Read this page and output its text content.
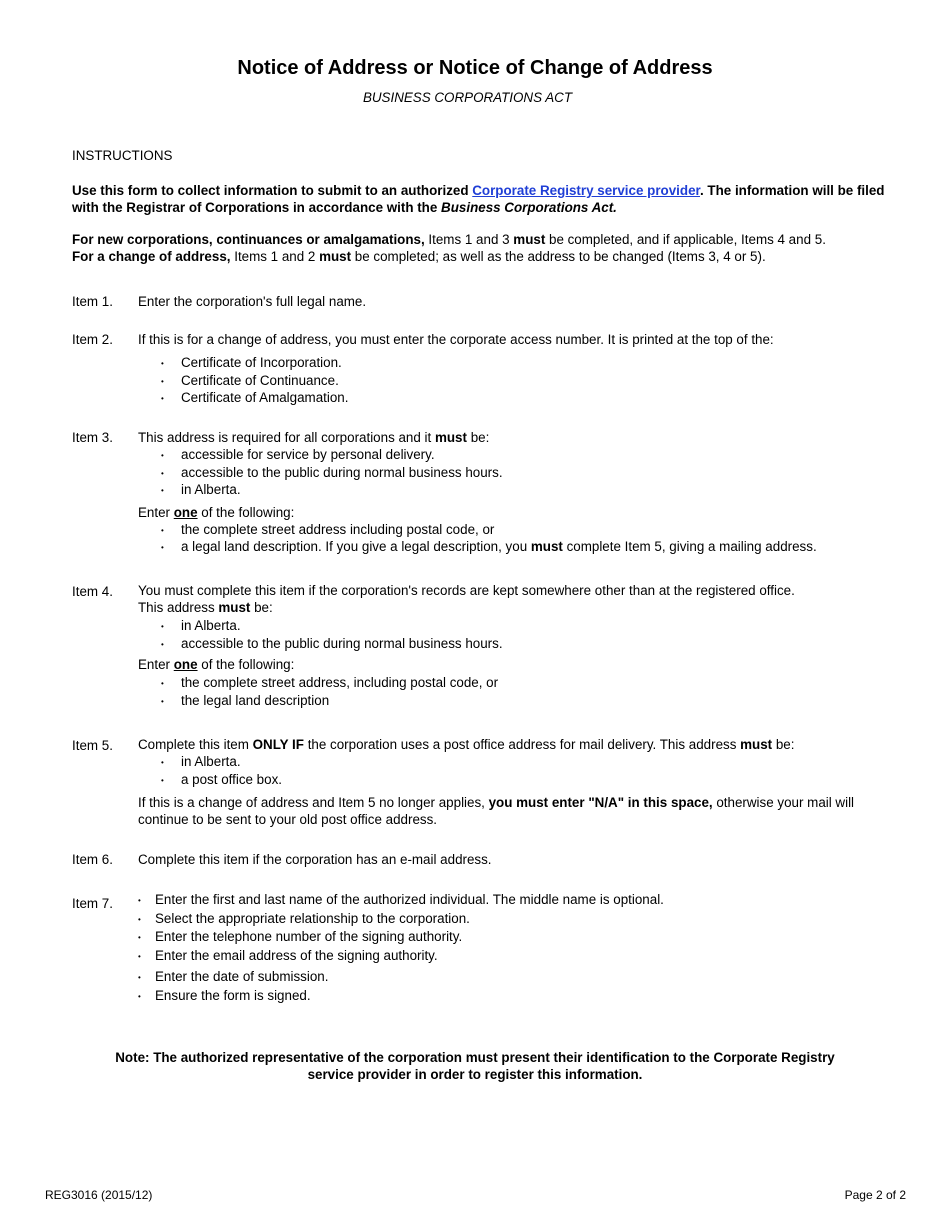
Notice of Address or Notice of Change of Address
BUSINESS CORPORATIONS ACT
INSTRUCTIONS
Use this form to collect information to submit to an authorized Corporate Registry service provider. The information will be filed with the Registrar of Corporations in accordance with the Business Corporations Act.
For new corporations, continuances or amalgamations, Items 1 and 3 must be completed, and if applicable, Items 4 and 5.
For a change of address, Items 1 and 2 must be completed; as well as the address to be changed (Items 3, 4 or 5).
Item 1. Enter the corporation's full legal name.
Item 2. If this is for a change of address, you must enter the corporate access number. It is printed at the top of the:
• Certificate of Incorporation.
• Certificate of Continuance.
• Certificate of Amalgamation.
Item 3. This address is required for all corporations and it must be:
• accessible for service by personal delivery.
• accessible to the public during normal business hours.
• in Alberta.
Enter one of the following:
• the complete street address including postal code, or
• a legal land description. If you give a legal description, you must complete Item 5, giving a mailing address.
Item 4. You must complete this item if the corporation's records are kept somewhere other than at the registered office.
This address must be:
• in Alberta.
• accessible to the public during normal business hours.
Enter one of the following:
• the complete street address, including postal code, or
• the legal land description
Item 5. Complete this item ONLY IF the corporation uses a post office address for mail delivery. This address must be:
• in Alberta.
• a post office box.
If this is a change of address and Item 5 no longer applies, you must enter "N/A" in this space, otherwise your mail will continue to be sent to your old post office address.
Item 6. Complete this item if the corporation has an e-mail address.
Item 7.
•	Enter the first and last name of the authorized individual. The middle name is optional.
• Select the appropriate relationship to the corporation.
• Enter the telephone number of the signing authority.
• Enter the email address of the signing authority.
• Enter the date of submission.
• Ensure the form is signed.
Note: The authorized representative of the corporation must present their identification to the Corporate Registry
service provider in order to register this information.
REG3016 (2015/12)	Page 2 of 2
